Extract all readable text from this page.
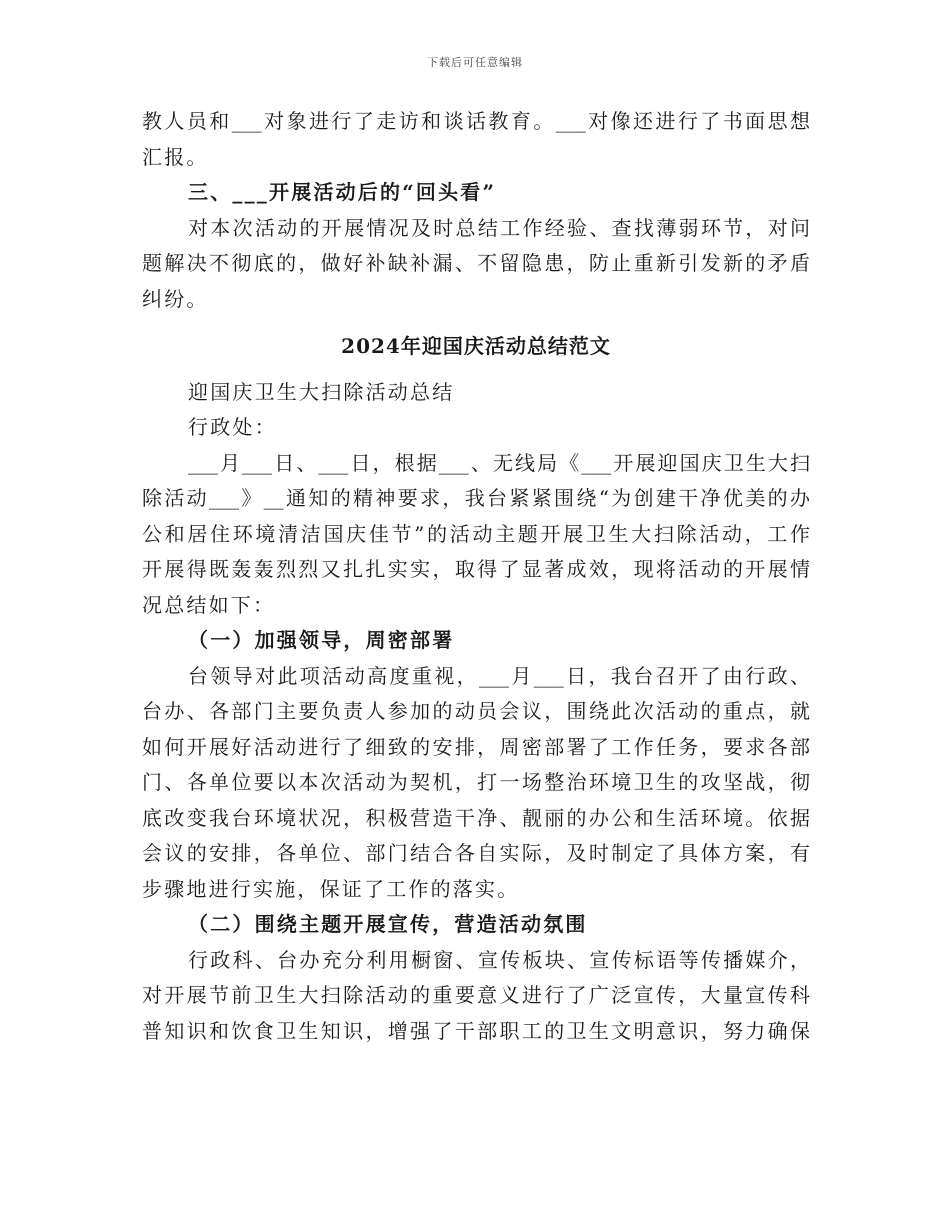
下载后可任意编辑
教人员和___对象进行了走访和谈话教育。___对像还进行了书面思想
汇报。
三、___开展活动后的“回头看”
对本次活动的开展情况及时总结工作经验、查找薄弱环节，对问
题解决不彻底的，做好补缺补漏、不留隐患，防止重新引发新的矛盾
纠纷。
2024年迎国庆活动总结范文
迎国庆卫生大扫除活动总结
行政处：
___月___日、___日，根据___、无线局《___开展迎国庆卫生大扫
除活动___》__通知的精神要求，我台紧紧围绕“为创建干净优美的办
公和居住环境清洁国庆佳节”的活动主题开展卫生大扫除活动，工作
开展得既轰轰烈烈又扎扎实实，取得了显著成效，现将活动的开展情
况总结如下：
（一）加强领导，周密部署
台领导对此项活动高度重视，___月___日，我台召开了由行政、
台办、各部门主要负责人参加的动员会议，围绕此次活动的重点，就
如何开展好活动进行了细致的安排，周密部署了工作任务，要求各部
门、各单位要以本次活动为契机，打一场整治环境卫生的攻坚战，彻
底改变我台环境状况，积极营造干净、靓丽的办公和生活环境。依据
会议的安排，各单位、部门结合各自实际，及时制定了具体方案，有
步骤地进行实施，保证了工作的落实。
（二）围绕主题开展宣传，营造活动氛围
行政科、台办充分利用橱窗、宣传板块、宣传标语等传播媒介，
对开展节前卫生大扫除活动的重要意义进行了广泛宣传，大量宣传科
普知识和饮食卫生知识，增强了干部职工的卫生文明意识，努力确保
